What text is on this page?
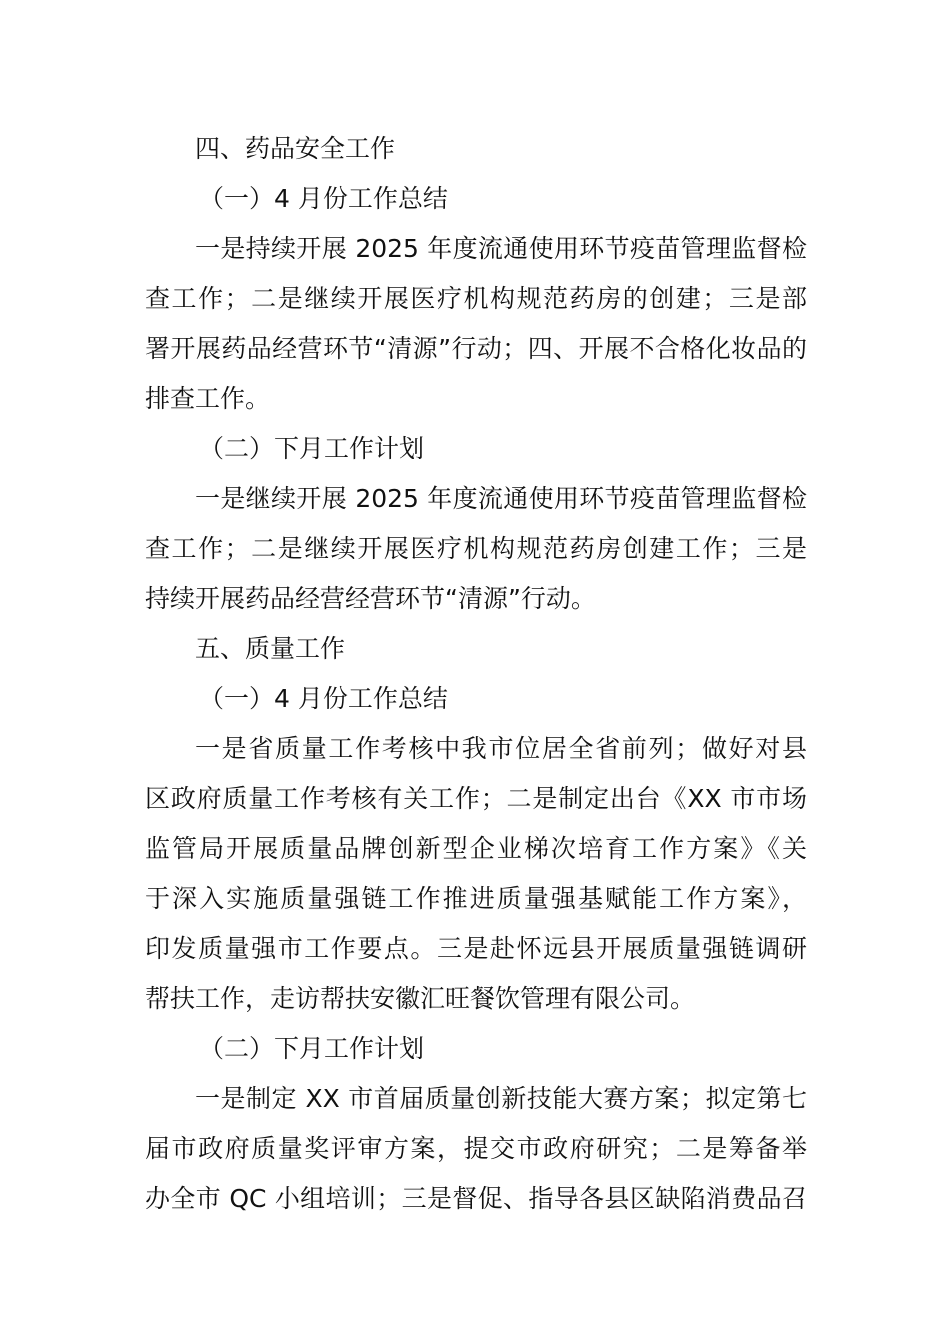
四、药品安全工作
（一）4 月份工作总结
一是持续开展 2025 年度流通使用环节疫苗管理监督检
查工作；二是继续开展医疗机构规范药房的创建；三是部
署开展药品经营环节“清源”行动；四、开展不合格化妆品的
排查工作。
（二）下月工作计划
一是继续开展 2025 年度流通使用环节疫苗管理监督检
查工作；二是继续开展医疗机构规范药房创建工作；三是
持续开展药品经营经营环节“清源”行动。
五、质量工作
（一）4 月份工作总结
一是省质量工作考核中我市位居全省前列；做好对县
区政府质量工作考核有关工作；二是制定出台《XX 市市场
监管局开展质量品牌创新型企业梯次培育工作方案》《关
于深入实施质量强链工作推进质量强基赋能工作方案》，
印发质量强市工作要点。三是赴怀远县开展质量强链调研
帮扶工作，走访帮扶安徽汇旺餐饮管理有限公司。
（二）下月工作计划
一是制定 XX 市首届质量创新技能大赛方案；拟定第七
届市政府质量奖评审方案，提交市政府研究；二是筹备举
办全市 QC 小组培训；三是督促、指导各县区缺陷消费品召
